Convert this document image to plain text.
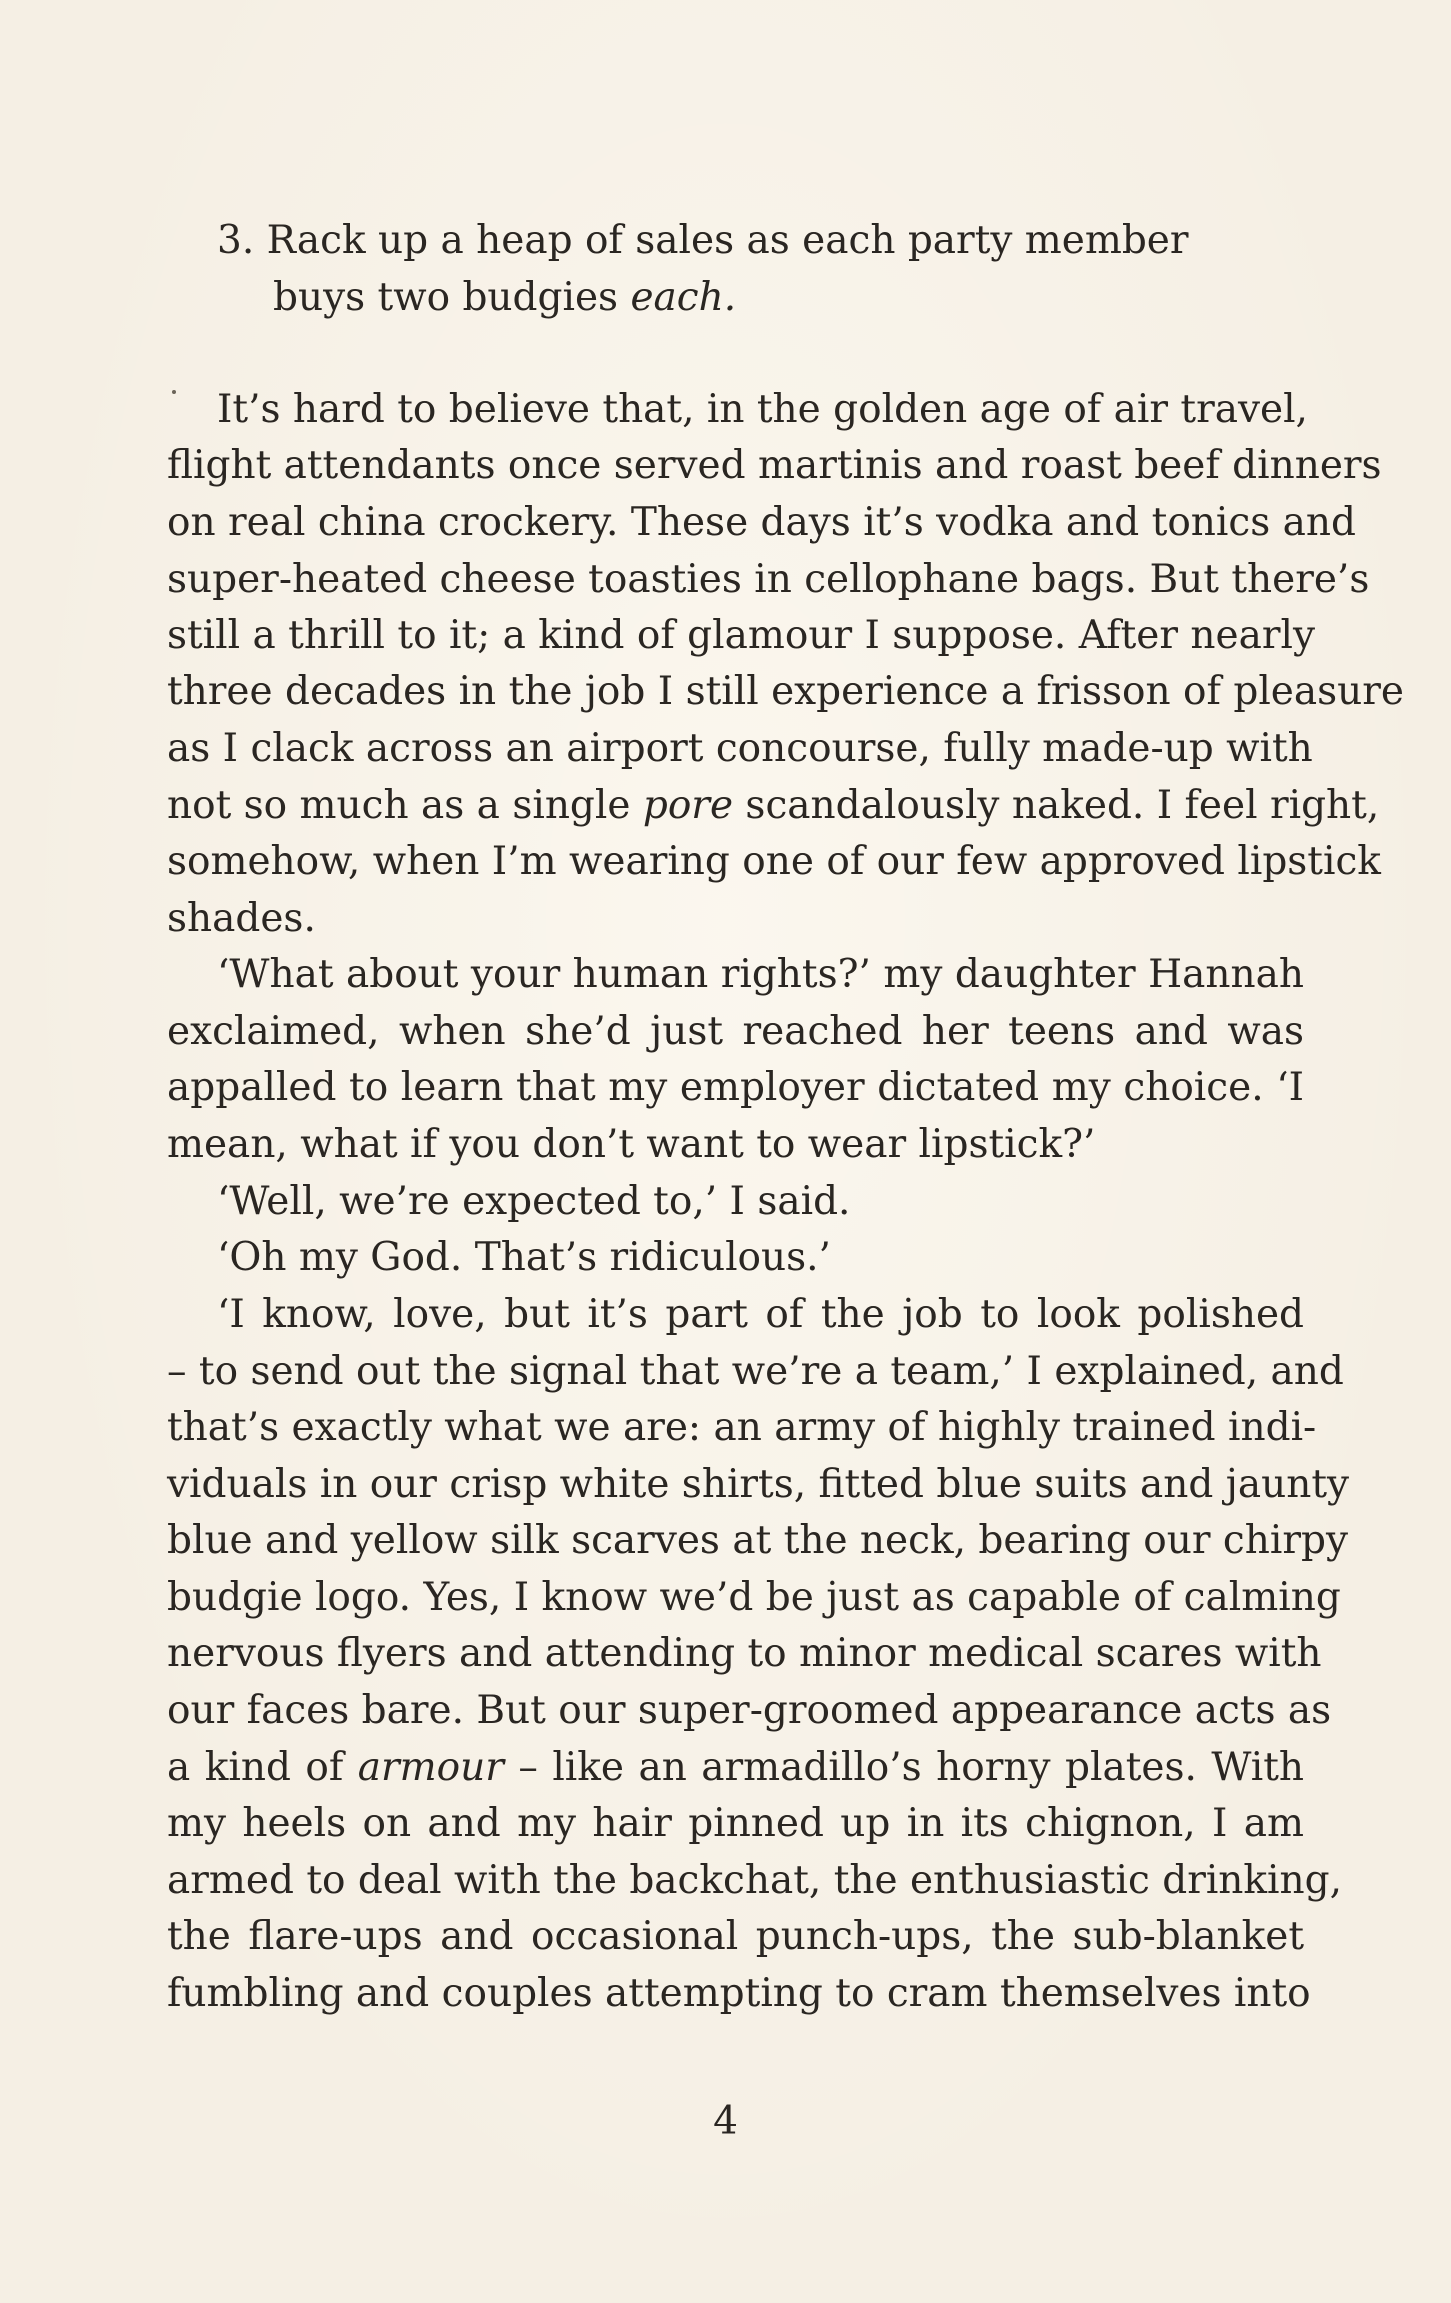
3. Rack up a heap of sales as each party member
buys two budgies each.
It’s hard to believe that, in the golden age of air travel,
flight attendants once served martinis and roast beef dinners
on real china crockery. These days it’s vodka and tonics and
super-heated cheese toasties in cellophane bags. But there’s
still a thrill to it; a kind of glamour I suppose. After nearly
three decades in the job I still experience a frisson of pleasure
as I clack across an airport concourse, fully made-up with
not so much as a single pore scandalously naked. I feel right,
somehow, when I’m wearing one of our few approved lipstick
shades.
‘What about your human rights?’ my daughter Hannah
exclaimed, when she’d just reached her teens and was
appalled to learn that my employer dictated my choice. ‘I
mean, what if you don’t want to wear lipstick?’
‘Well, we’re expected to,’ I said.
‘Oh my God. That’s ridiculous.’
‘I know, love, but it’s part of the job to look polished
– to send out the signal that we’re a team,’ I explained, and
that’s exactly what we are: an army of highly trained indi-
viduals in our crisp white shirts, fitted blue suits and jaunty
blue and yellow silk scarves at the neck, bearing our chirpy
budgie logo. Yes, I know we’d be just as capable of calming
nervous flyers and attending to minor medical scares with
our faces bare. But our super-groomed appearance acts as
a kind of armour – like an armadillo’s horny plates. With
my heels on and my hair pinned up in its chignon, I am
armed to deal with the backchat, the enthusiastic drinking,
the flare-ups and occasional punch-ups, the sub-blanket
fumbling and couples attempting to cram themselves into
4
